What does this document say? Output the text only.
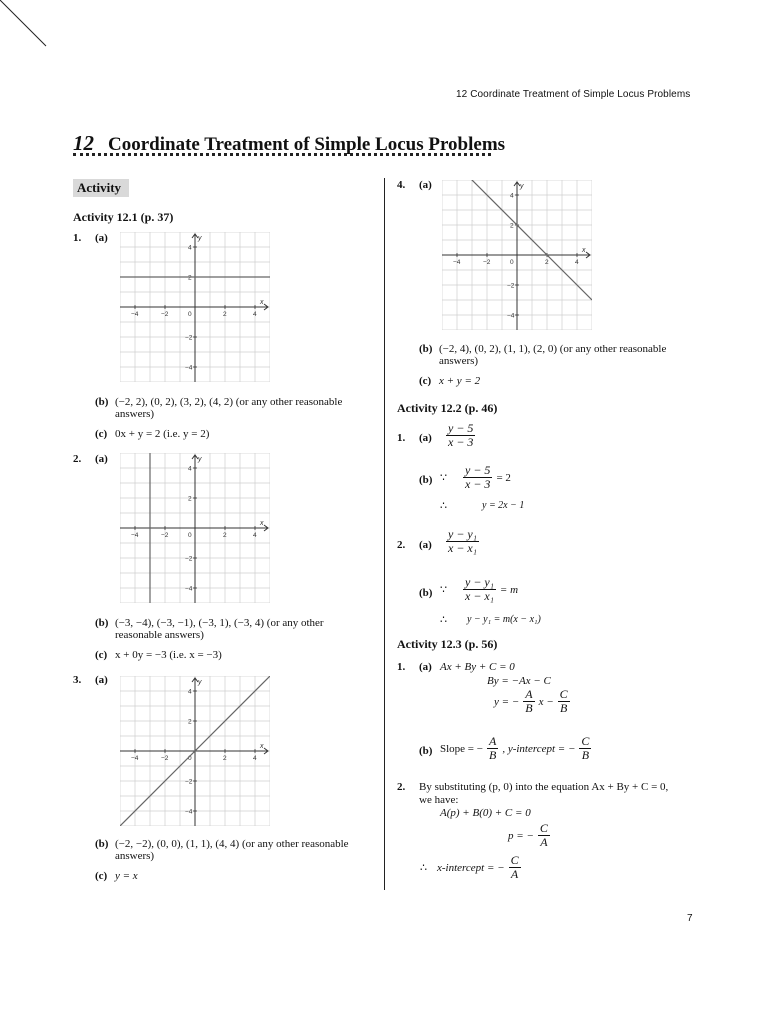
12 Coordinate Treatment of Simple Locus Problems
12 Coordinate Treatment of Simple Locus Problems
Activity
Activity 12.1 (p. 37)
1. (a)
x
y
−4
−4
−2
−2
2
2
4
4
0
(b) (−2, 2), (0, 2), (3, 2), (4, 2) (or any other reasonable
answers)
(c) 0x + y = 2 (i.e. y = 2)
2. (a)
x
y
−4
−4
−2
−2
2
2
4
4
0
(b) (−3, −4), (−3, −1), (−3, 1), (−3, 4) (or any other
reasonable answers)
(c) x + 0y = −3 (i.e. x = −3)
3. (a)
x
y
−4
−4
−2
−2
2
2
4
4
0
(b) (−2, −2), (0, 0), (1, 1), (4, 4) (or any other reasonable
answers)
(c) y = x
4. (a)
x
y
−4
−4
−2
−2
2
2
4
4
0
(b) (−2, 4), (0, 2), (1, 1), (2, 0) (or any other reasonable
answers)
(c) x + y = 2
Activity 12.2 (p. 46)
1. $(a) \frac{y - 5}{x - 3}$
(b) ∵ $\frac{y - 5}{x - 3} = 2$
∴	y = 2x − 1
2. $(a) \frac{\text{y − y₁}}{\text{x − x₁}}$
(b) ∵ $\frac{\text{y − y₁}}{\text{x − x₁}} = m$
∴ y − y₁ = m(x − x₁)
Activity 12.3 (p. 56)
1. (a) Ax + By + C = 0
By = −Ax − C
y = − $\frac{A}{B}$ $x - \frac{C}{B}$
(b) Slope = − $\frac{A}{B}$ , y-intercept = − $\frac{C}{B}$
2. By substituting (p, 0) into the equation Ax + By + C = 0,
we have:
A(p) + B(0) + C = 0
p = − $\frac{C}{A}$
∴ x-intercept = − $\frac{C}{A}$
7
